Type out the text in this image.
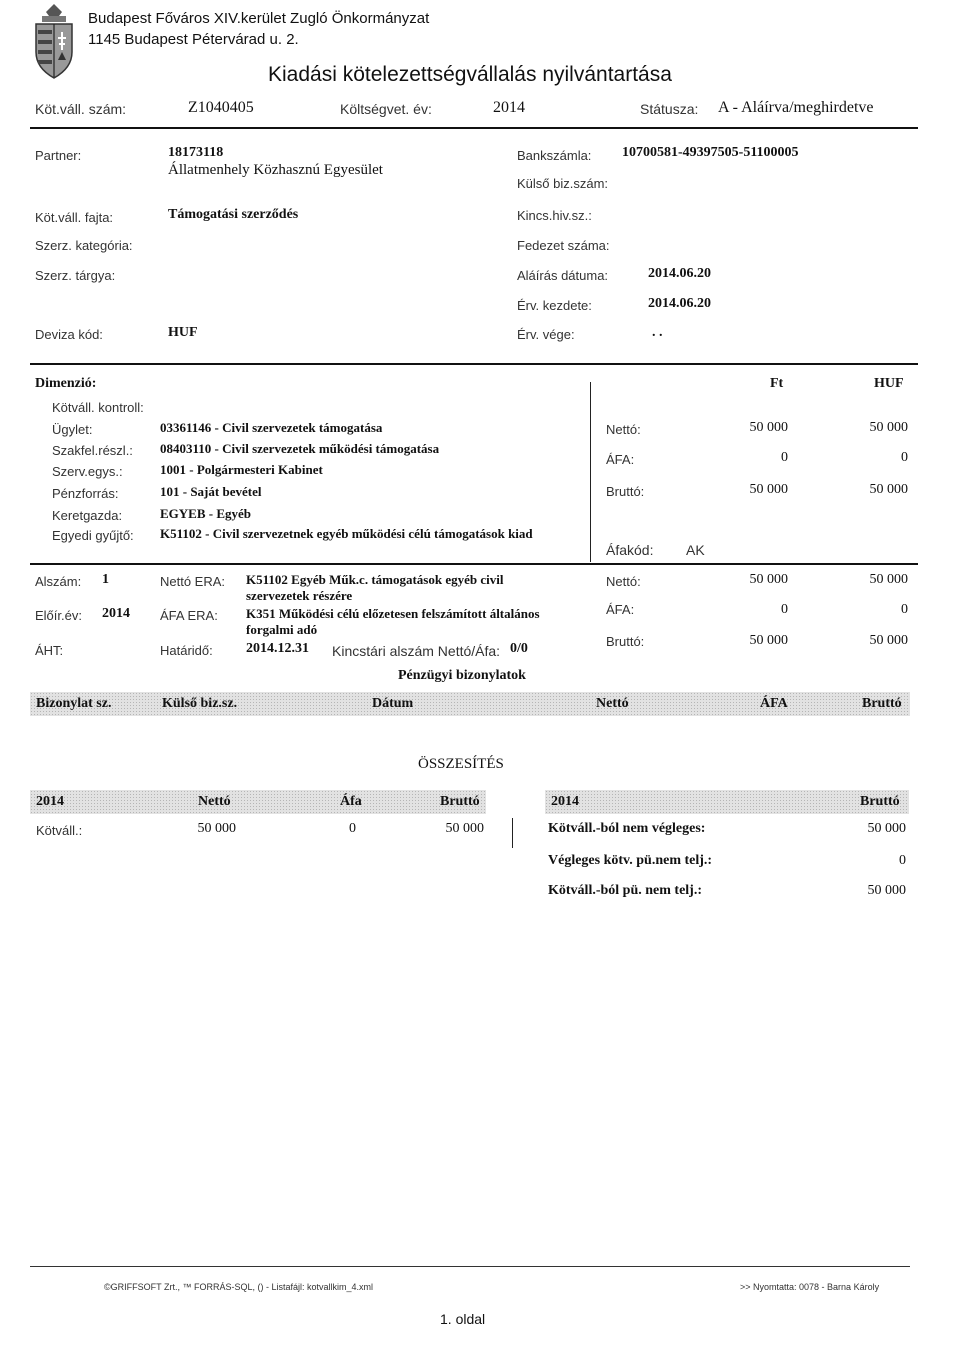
Budapest Főváros XIV.kerület Zugló Önkormányzat
1145 Budapest Pétervárad u. 2.
Kiadási kötelezettségvállalás nyilvántartása
Köt.váll. szám:	Z1040405	Költségvet. év:	2014	Státusza: A - Aláírva/meghirdetve
Partner:	18173118
Állatmenhely Közhasznú Egyesület
Köt.váll. fajta:	Támogatási szerződés
Szerz. kategória:
Szerz. tárgya:
Deviza kód:	HUF
Bankszámla: 10700581-49397505-51100005
Külső biz.szám:
Kincs.hiv.sz.:
Fedezet száma:
Aláírás dátuma:	2014.06.20
Érv. kezdete:	2014.06.20
Érv. vége:	. .
Dimenzió:	Ft	HUF
Kötváll. kontroll:
Ügylet:	03361146 - Civil szervezetek támogatása
Szakfel.részl.: 08403110 - Civil szervezetek működési támogatása
Szerv.egys.:	1001 - Polgármesteri Kabinet
Pénzforrás:	101 - Saját bevétel
Keretgazda:	EGYEB - Egyéb
Egyedi gyűjtő: K51102 - Civil szervezetnek egyéb működési célú támogatások kiad
Nettó:	50 000	50 000
ÁFA:	0	0
Bruttó:	50 000	50 000
Áfakód: AK
Alszám: 1
Előír.év: 2014
ÁHT:
Nettó ERA: K51102 Egyéb Műk.c. támogatások egyéb civil
szervezetek részére
ÁFA ERA: K351 Működési célú előzetesen felszámított általános
forgalmi adó
Határidő: 2014.12.31 Kincstári alszám Nettó/Áfa: 0/0
Nettó:	50 000	50 000
ÁFA:	0	0
Bruttó:	50 000	50 000
Pénzügyi bizonylatok
Bizonylat sz.	Külső biz.sz.	Dátum	Nettó	ÁFA	Bruttó
ÖSSZESÍTÉS
2014	Nettó	Áfa	Bruttó
Kötváll.:	50 000	0	50 000
2014	Bruttó
Kötváll.-ból nem végleges:	50 000
Végleges kötv. pü.nem telj.:	0
Kötváll.-ból pü. nem telj.:	50 000
©GRIFFSOFT Zrt., ™ FORRÁS-SQL, () - Listafájl: kotvallkim_4.xml	>> Nyomtatta: 0078 - Barna Károly
1. oldal
